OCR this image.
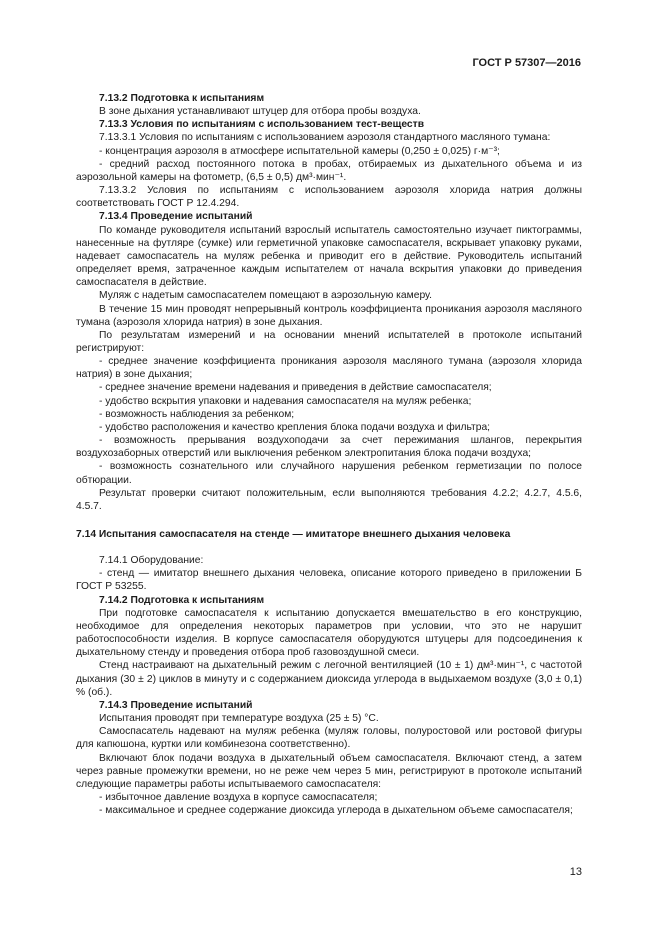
ГОСТ Р 57307—2016

7.13.2 Подготовка к испытаниям

В зоне дыхания устанавливают штуцер для отбора пробы воздуха.

7.13.3 Условия по испытаниям с использованием тест-веществ

7.13.3.1 Условия по испытаниям с использованием аэрозоля стандартного масляного тумана:

- концентрация аэрозоля в атмосфере испытательной камеры (0,250 ± 0,025) г·м⁻³;

- средний расход постоянного потока в пробах, отбираемых из дыхательного объема и из аэрозольной камеры на фотометр, (6,5 ± 0,5) дм³·мин⁻¹.

7.13.3.2 Условия по испытаниям с использованием аэрозоля хлорида натрия должны соответствовать ГОСТ Р 12.4.294.

7.13.4 Проведение испытаний

По команде руководителя испытаний взрослый испытатель самостоятельно изучает пиктограммы, нанесенные на футляре (сумке) или герметичной упаковке самоспасателя, вскрывает упаковку руками, надевает самоспасатель на муляж ребенка и приводит его в действие. Руководитель испытаний определяет время, затраченное каждым испытателем от начала вскрытия упаковки до приведения самоспасателя в действие.

Муляж с надетым самоспасателем помещают в аэрозольную камеру.

В течение 15 мин проводят непрерывный контроль коэффициента проникания аэрозоля масляного тумана (аэрозоля хлорида натрия) в зоне дыхания.

По результатам измерений и на основании мнений испытателей в протоколе испытаний регистрируют:

- среднее значение коэффициента проникания аэрозоля масляного тумана (аэрозоля хлорида натрия) в зоне дыхания;

- среднее значение времени надевания и приведения в действие самоспасателя;

- удобство вскрытия упаковки и надевания самоспасателя на муляж ребенка;

- возможность наблюдения за ребенком;

- удобство расположения и качество крепления блока подачи воздуха и фильтра;

- возможность прерывания воздухоподачи за счет пережимания шлангов, перекрытия воздухозаборных отверстий или выключения ребенком электропитания блока подачи воздуха;

- возможность сознательного или случайного нарушения ребенком герметизации по полосе обтюрации.

Результат проверки считают положительным, если выполняются требования 4.2.2; 4.2.7, 4.5.6, 4.5.7.

7.14 Испытания самоспасателя на стенде — имитаторе внешнего дыхания человека

7.14.1 Оборудование:

- стенд — имитатор внешнего дыхания человека, описание которого приведено в приложении Б ГОСТ Р 53255.

7.14.2 Подготовка к испытаниям

При подготовке самоспасателя к испытанию допускается вмешательство в его конструкцию, необходимое для определения некоторых параметров при условии, что это не нарушит работоспособности изделия. В корпусе самоспасателя оборудуются штуцеры для подсоединения к дыхательному стенду и проведения отбора проб газовоздушной смеси.

Стенд настраивают на дыхательный режим с легочной вентиляцией (10 ± 1) дм³·мин⁻¹, с частотой дыхания (30 ± 2) циклов в минуту и с содержанием диоксида углерода в выдыхаемом воздухе (3,0 ± 0,1) % (об.).

7.14.3 Проведение испытаний

Испытания проводят при температуре воздуха (25 ± 5) °С.

Самоспасатель надевают на муляж ребенка (муляж головы, полуростовой или ростовой фигуры для капюшона, куртки или комбинезона соответственно).

Включают блок подачи воздуха в дыхательный объем самоспасателя. Включают стенд, а затем через равные промежутки времени, но не реже чем через 5 мин, регистрируют в протоколе испытаний следующие параметры работы испытываемого самоспасателя:

- избыточное давление воздуха в корпусе самоспасателя;

- максимальное и среднее содержание диоксида углерода в дыхательном объеме самоспасателя;

13
